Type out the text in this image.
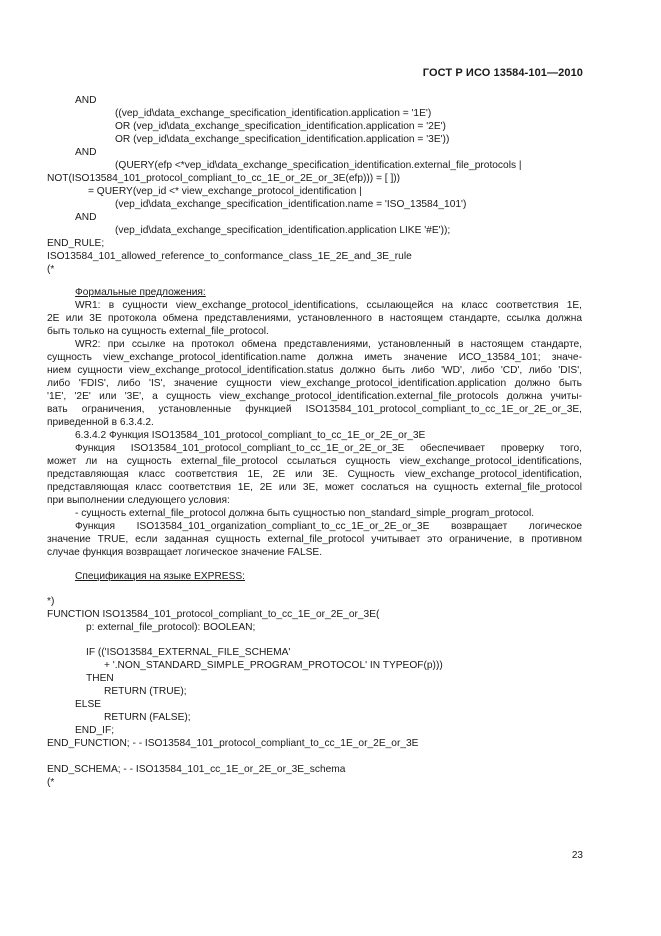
ГОСТ Р ИСО 13584-101—2010
AND
((vep_id\data_exchange_specification_identification.application = '1E')
OR (vep_id\data_exchange_specification_identification.application = '2E')
OR (vep_id\data_exchange_specification_identification.application = '3E'))
AND
(QUERY(efp <*vep_id\data_exchange_specification_identification.external_file_protocols |
NOT(ISO13584_101_protocol_compliant_to_cc_1E_or_2E_or_3E(efp))) = [ ]))
= QUERY(vep_id <* view_exchange_protocol_identification |
(vep_id\data_exchange_specification_identification.name = 'ISO_13584_101')
AND
(vep_id\data_exchange_specification_identification.application LIKE '#E'));
END_RULE;
ISO13584_101_allowed_reference_to_conformance_class_1E_2E_and_3E_rule
(*
Формальные предложения:
WR1: в сущности view_exchange_protocol_identifications, ссылающейся на класс соответствия 1E,
2E или 3E протокола обмена представлениями, установленного в настоящем стандарте, ссылка должна
быть только на сущность external_file_protocol.
WR2: при ссылке на протокол обмена представлениями, установленный в настоящем стандарте,
сущность view_exchange_protocol_identification.name должна иметь значение ИСО_13584_101; значе-
нием сущности view_exchange_protocol_identification.status должно быть либо 'WD', либо 'CD', либо 'DIS',
либо 'FDIS', либо 'IS', значение сущности view_exchange_protocol_identification.application должно быть
'1E', '2E' или '3E', а сущность view_exchange_protocol_identification.external_file_protocols должна учиты-
вать ограничения, установленные функцией ISO13584_101_protocol_compliant_to_cc_1E_or_2E_or_3E,
приведенной в 6.3.4.2.
6.3.4.2 Функция ISO13584_101_protocol_compliant_to_cc_1E_or_2E_or_3E
Функция ISO13584_101_protocol_compliant_to_cc_1E_or_2E_or_3E обеспечивает проверку того,
может ли на сущность external_file_protocol ссылаться сущность view_exchange_protocol_identifications,
представляющая класс соответствия 1E, 2E или 3E. Сущность view_exchange_protocol_identification,
представляющая класс соответствия 1E, 2E или 3E, может сослаться на сущность external_file_protocol
при выполнении следующего условия:
- сущность external_file_protocol должна быть сущностью non_standard_simple_program_protocol.
Функция ISO13584_101_organization_compliant_to_cc_1E_or_2E_or_3E возвращает логическое
значение TRUE, если заданная сущность external_file_protocol учитывает это ограничение, в противном
случае функция возвращает логическое значение FALSE.
Спецификация на языке EXPRESS:
*)
FUNCTION ISO13584_101_protocol_compliant_to_cc_1E_or_2E_or_3E(
p: external_file_protocol): BOOLEAN;
IF (('ISO13584_EXTERNAL_FILE_SCHEMA'
+ '.NON_STANDARD_SIMPLE_PROGRAM_PROTOCOL' IN TYPEOF(p)))
THEN
RETURN (TRUE);
ELSE
RETURN (FALSE);
END_IF;
END_FUNCTION; - - ISO13584_101_protocol_compliant_to_cc_1E_or_2E_or_3E
END_SCHEMA; - - ISO13584_101_cc_1E_or_2E_or_3E_schema
(*
23
